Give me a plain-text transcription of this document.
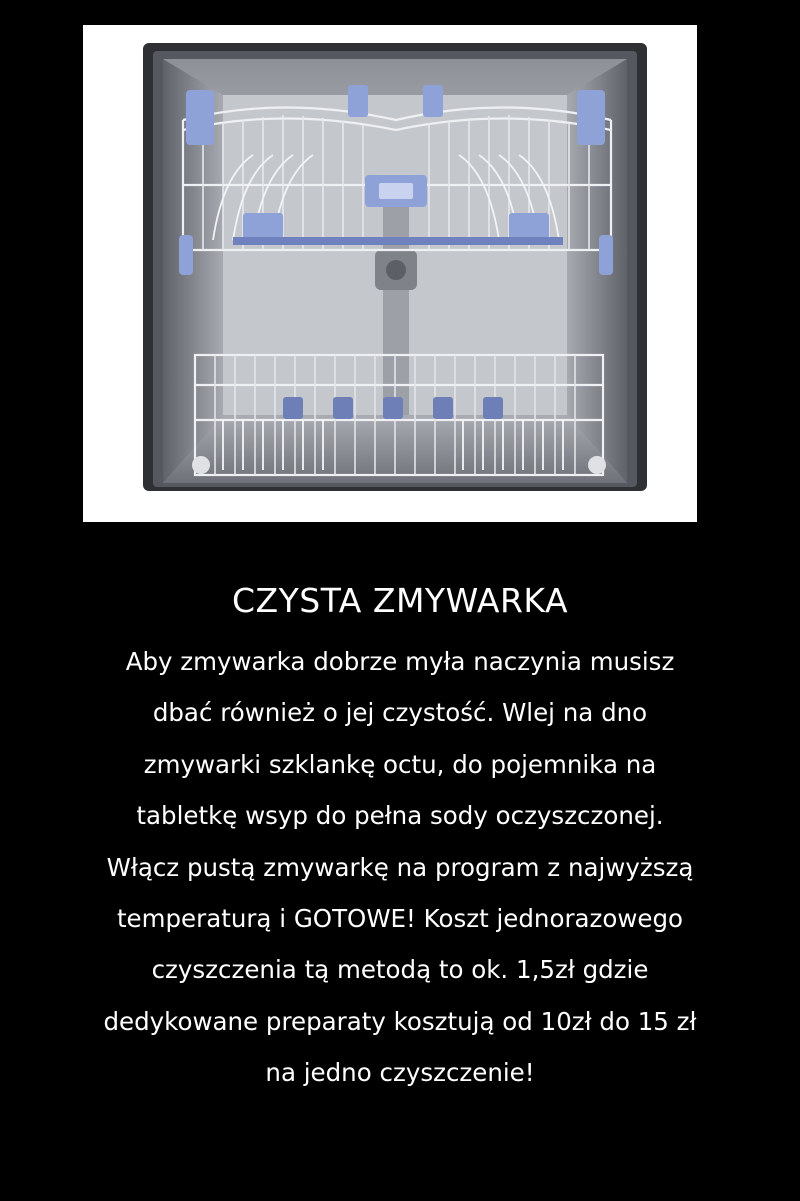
CZYSTA ZMYWARKA
Aby zmywarka dobrze myła naczynia musisz
dbać również o jej czystość. Wlej na dno
zmywarki szklankę octu, do pojemnika na
tabletkę wsyp do pełna sody oczyszczonej.
Włącz pustą zmywarkę na program z najwyższą
temperaturą i GOTOWE! Koszt jednorazowego
czyszczenia tą metodą to ok. 1,5zł gdzie
dedykowane preparaty kosztują od 10zł do 15 zł
na jedno czyszczenie!
